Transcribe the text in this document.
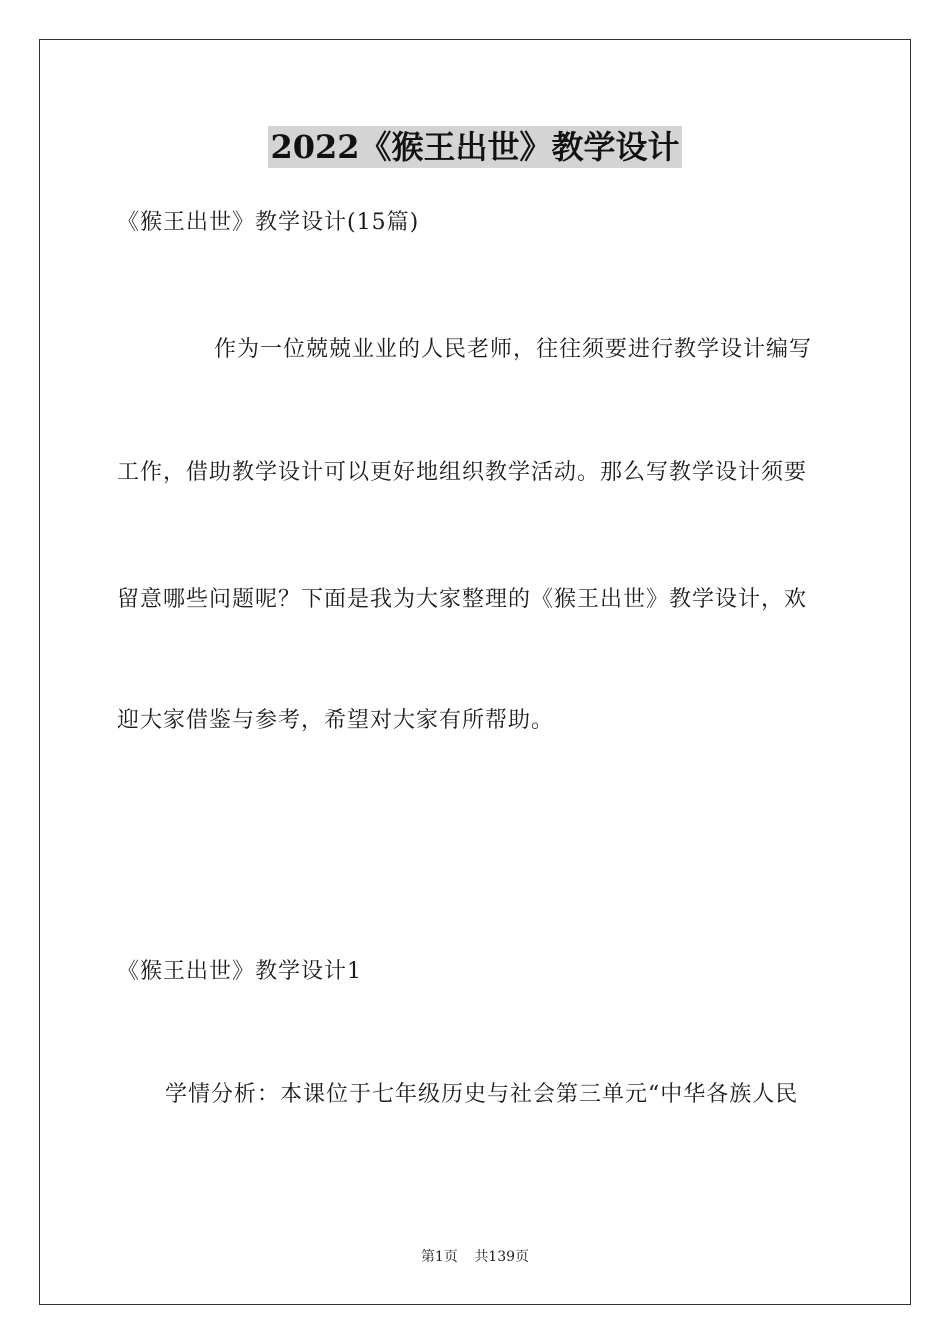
2022《猴王出世》教学设计
《猴王出世》教学设计(15篇)
作为一位兢兢业业的人民老师，往往须要进行教学设计编写
工作，借助教学设计可以更好地组织教学活动。那么写教学设计须要
留意哪些问题呢？下面是我为大家整理的《猴王出世》教学设计，欢
迎大家借鉴与参考，希望对大家有所帮助。
《猴王出世》教学设计1
学情分析：本课位于七年级历史与社会第三单元“中华各族人民
第1页 共139页
